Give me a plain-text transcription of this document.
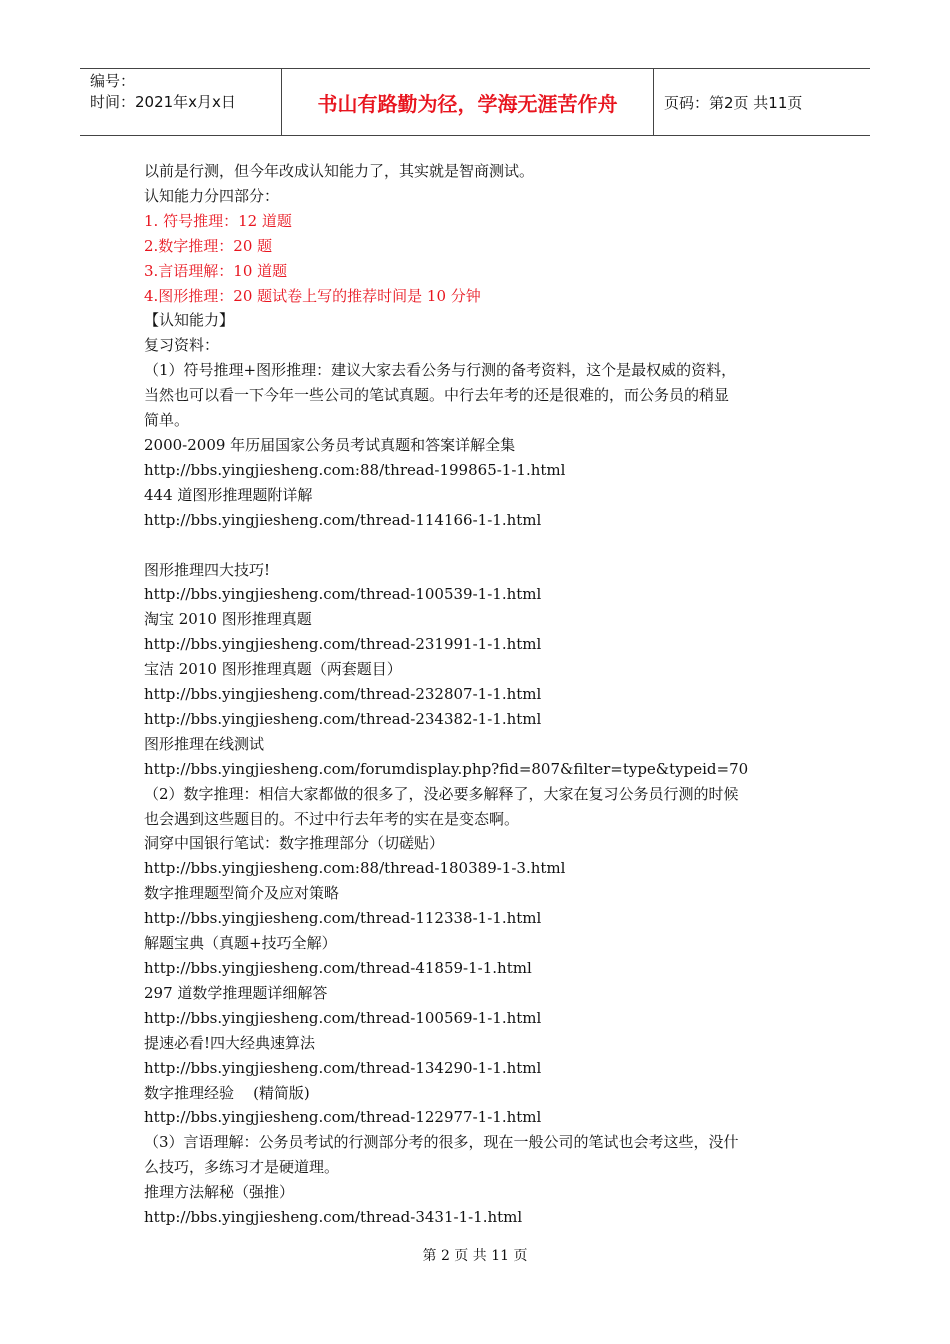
编号：
时间：2021年x月x日	书山有路勤为径，学海无涯苦作舟	页码：第2页 共11页
以前是行测，但今年改成认知能力了，其实就是智商测试。
认知能力分四部分：
1. 符号推理：12 道题
2.数字推理：20 题
3.言语理解：10 道题
4.图形推理：20 题试卷上写的推荐时间是 10 分钟
【认知能力】
复习资料：
（1）符号推理+图形推理：建议大家去看公务与行测的备考资料，这个是最权威的资料，
当然也可以看一下今年一些公司的笔试真题。中行去年考的还是很难的，而公务员的稍显
简单。
2000-2009 年历届国家公务员考试真题和答案详解全集
http://bbs.yingjiesheng.com:88/thread-199865-1-1.html
444 道图形推理题附详解
http://bbs.yingjiesheng.com/thread-114166-1-1.html

图形推理四大技巧!
http://bbs.yingjiesheng.com/thread-100539-1-1.html
淘宝 2010 图形推理真题
http://bbs.yingjiesheng.com/thread-231991-1-1.html
宝洁 2010 图形推理真题（两套题目）
http://bbs.yingjiesheng.com/thread-232807-1-1.html
http://bbs.yingjiesheng.com/thread-234382-1-1.html
图形推理在线测试
http://bbs.yingjiesheng.com/forumdisplay.php?fid=807&filter=type&typeid=70
（2）数字推理：相信大家都做的很多了，没必要多解释了，大家在复习公务员行测的时候
也会遇到这些题目的。不过中行去年考的实在是变态啊。
洞穿中国银行笔试：数字推理部分（切磋贴）
http://bbs.yingjiesheng.com:88/thread-180389-1-3.html
数字推理题型简介及应对策略
http://bbs.yingjiesheng.com/thread-112338-1-1.html
解题宝典（真题+技巧全解）
http://bbs.yingjiesheng.com/thread-41859-1-1.html
297 道数学推理题详细解答
http://bbs.yingjiesheng.com/thread-100569-1-1.html
提速必看!四大经典速算法
http://bbs.yingjiesheng.com/thread-134290-1-1.html
数字推理经验    (精简版)
http://bbs.yingjiesheng.com/thread-122977-1-1.html
（3）言语理解：公务员考试的行测部分考的很多，现在一般公司的笔试也会考这些，没什
么技巧，多练习才是硬道理。
推理方法解秘（强推）
http://bbs.yingjiesheng.com/thread-3431-1-1.html
第 2 页 共 11 页
